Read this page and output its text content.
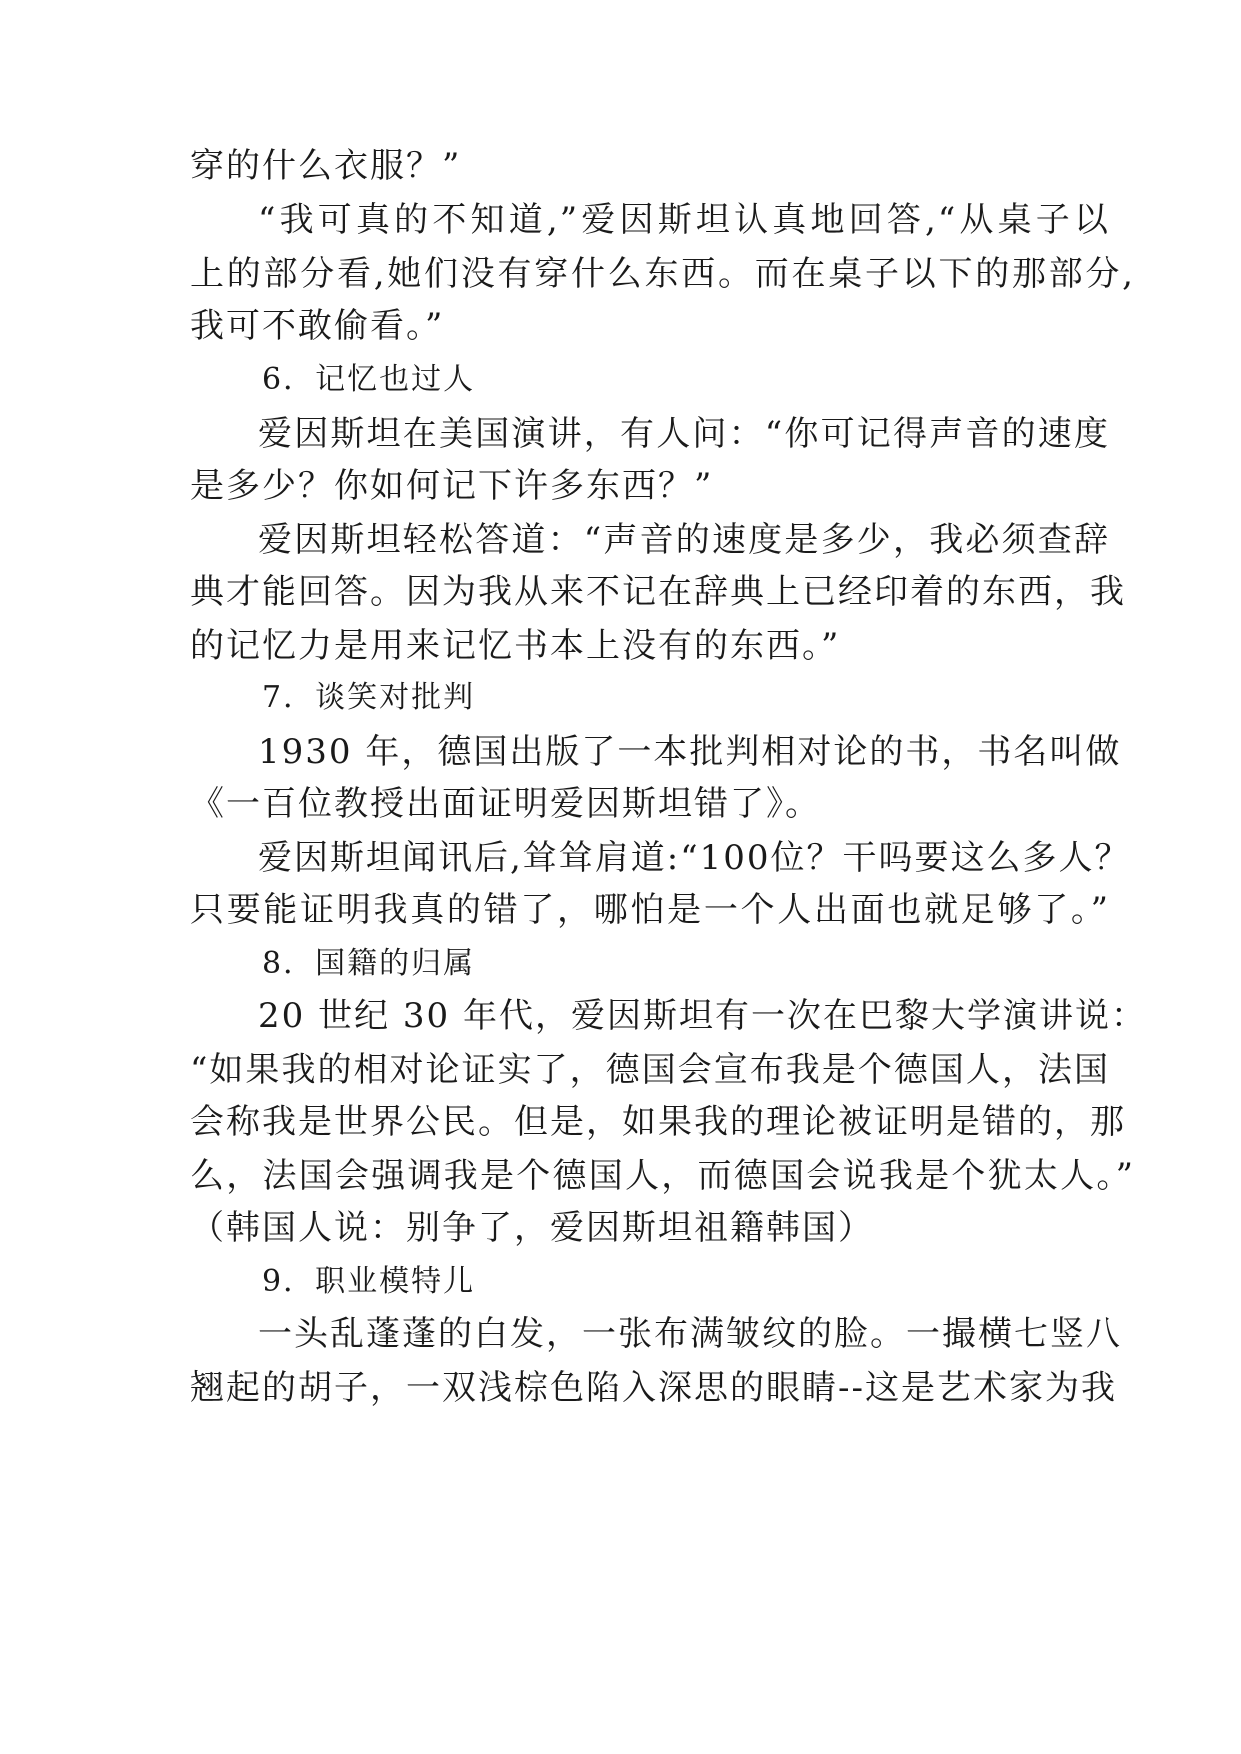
穿的什么衣服？”
“我可真的不知道,”爱因斯坦认真地回答,“从桌子以
上的部分看,她们没有穿什么东西。而在桌子以下的那部分,
我可不敢偷看。”
6．记忆也过人
爱因斯坦在美国演讲，有人问：“你可记得声音的速度
是多少？你如何记下许多东西？”
爱因斯坦轻松答道：“声音的速度是多少，我必须查辞
典才能回答。因为我从来不记在辞典上已经印着的东西，我
的记忆力是用来记忆书本上没有的东西。”
7．谈笑对批判
1930 年，德国出版了一本批判相对论的书，书名叫做
《一百位教授出面证明爱因斯坦错了》。
爱因斯坦闻讯后,耸耸肩道:“100位？干吗要这么多人？
只要能证明我真的错了，哪怕是一个人出面也就足够了。”
8．国籍的归属
20 世纪 30 年代，爱因斯坦有一次在巴黎大学演讲说：
“如果我的相对论证实了，德国会宣布我是个德国人，法国
会称我是世界公民。但是，如果我的理论被证明是错的，那
么，法国会强调我是个德国人，而德国会说我是个犹太人。”
（韩国人说：别争了，爱因斯坦祖籍韩国）
9．职业模特儿
一头乱蓬蓬的白发，一张布满皱纹的脸。一撮横七竖八
翘起的胡子，一双浅棕色陷入深思的眼睛--这是艺术家为我
